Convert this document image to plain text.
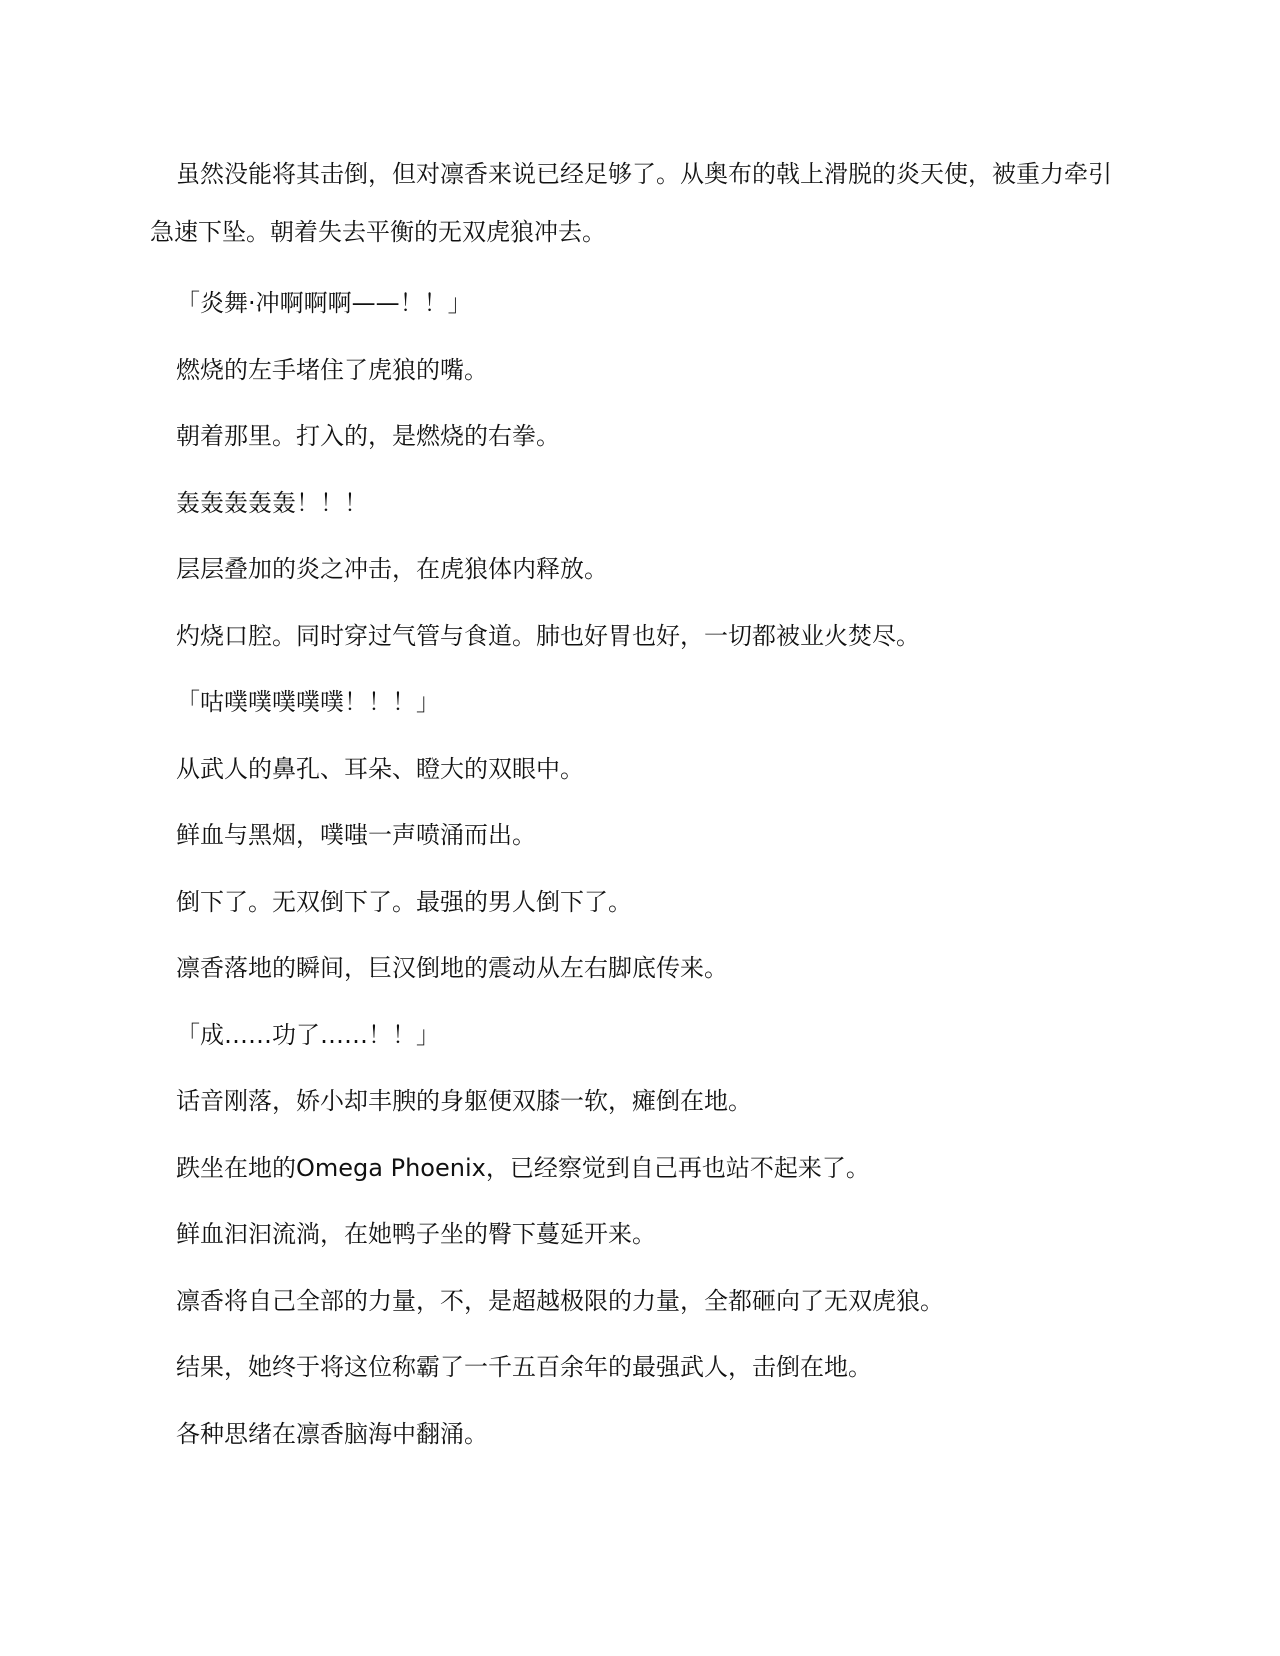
虽然没能将其击倒，但对凛香来说已经足够了。从奥布的戟上滑脱的炎天使，被重力牵引急速下坠。朝着失去平衡的无双虎狼冲去。

「炎舞·冲啊啊啊——！！」

燃烧的左手堵住了虎狼的嘴。

朝着那里。打入的，是燃烧的右拳。

轰轰轰轰轰！！！

层层叠加的炎之冲击，在虎狼体内释放。

灼烧口腔。同时穿过气管与食道。肺也好胃也好，一切都被业火焚尽。

「咕噗噗噗噗噗！！！」

从武人的鼻孔、耳朵、瞪大的双眼中。

鲜血与黑烟，噗嗤一声喷涌而出。

倒下了。无双倒下了。最强的男人倒下了。

凛香落地的瞬间，巨汉倒地的震动从左右脚底传来。

「成……功了……！！」

话音刚落，娇小却丰腴的身躯便双膝一软，瘫倒在地。

跌坐在地的Omega Phoenix，已经察觉到自己再也站不起来了。

鲜血汩汩流淌，在她鸭子坐的臀下蔓延开来。

凛香将自己全部的力量，不，是超越极限的力量，全都砸向了无双虎狼。

结果，她终于将这位称霸了一千五百余年的最强武人，击倒在地。

各种思绪在凛香脑海中翻涌。
